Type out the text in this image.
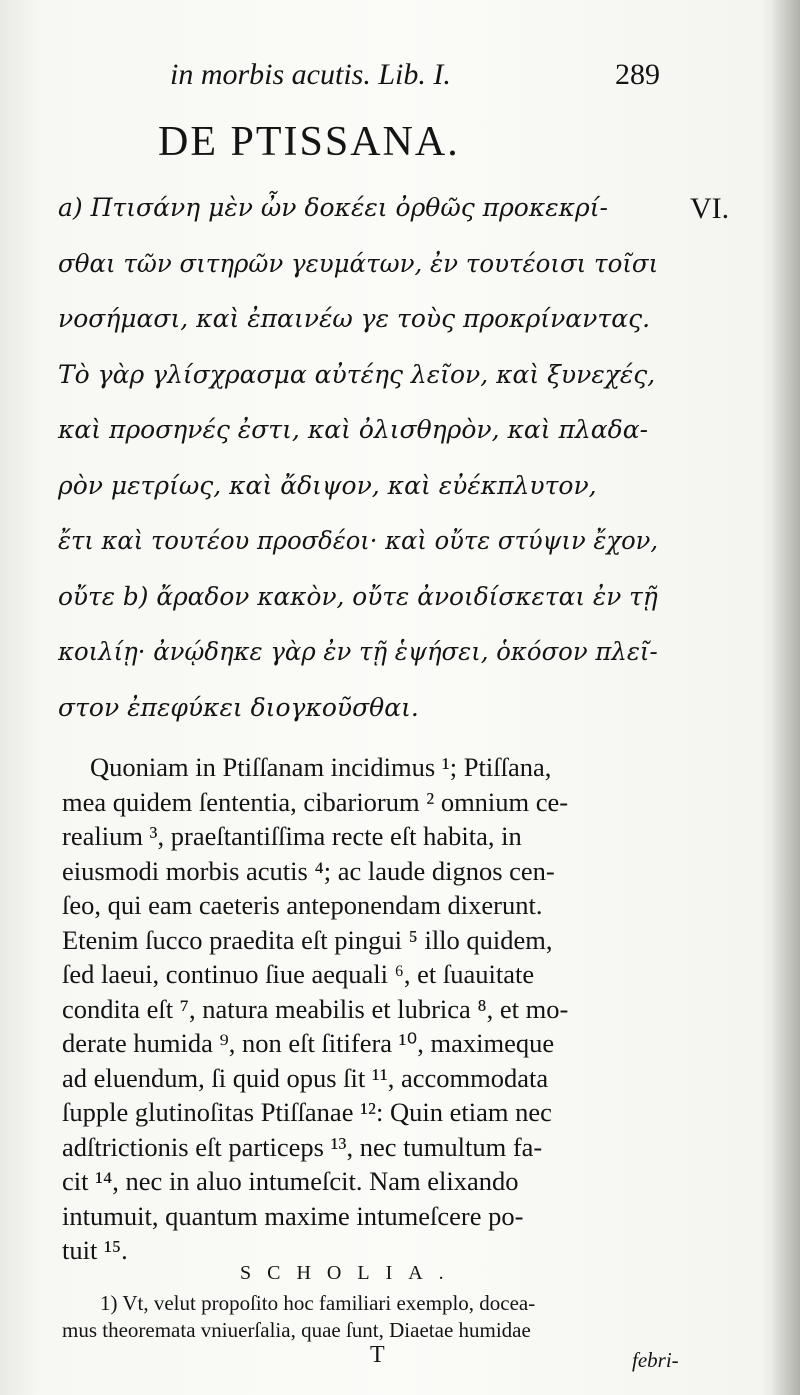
in morbis acutis. Lib. I.	289
DE PTISSANA.
VI.
a) Πτισάνη μὲν ὦν δοκέει ὀρθῶς προκεκρί-
σθαι τῶν σιτηρῶν γευμάτων, ἐν τουτέοισι τοῖσι
νοσήμασι, καὶ ἐπαινέω γε τοὺς προκρίναντας.
Τὸ γὰρ γλίσχρασμα αὐτέης λεῖον, καὶ ξυνεχές,
καὶ προσηνές ἐστι, καὶ ὀλισθηρὸν, καὶ πλαδα-
ρὸν μετρίως, καὶ ἄδιψον, καὶ εὐέκπλυτον,
ἔτι καὶ τουτέου προσδέοι· καὶ οὔτε στύψιν ἔχον,
οὔτε b) ἄραδον κακὸν, οὔτε ἀνοιδίσκεται ἐν τῇ
κοιλίῃ· ἀνῴδηκε γὰρ ἐν τῇ ἑψήσει, ὁκόσον πλεῖ-
στον ἐπεφύκει διογκοῦσθαι.
Quoniam in Ptiſſanam incidimus ¹; Ptiſſana,
mea quidem ſententia, cibariorum ² omnium ce-
realium ³, praeſtantiſſima recte eſt habita, in
eiusmodi morbis acutis ⁴; ac laude dignos cen-
ſeo, qui eam caeteris anteponendam dixerunt.
Etenim ſucco praedita eſt pingui ⁵ illo quidem,
ſed laeui, continuo ſiue aequali ⁶, et ſuauitate
condita eſt ⁷, natura meabilis et lubrica ⁸, et mo-
derate humida ⁹, non eſt ſitifera ¹⁰, maximeque
ad eluendum, ſi quid opus ſit ¹¹, accommodata
ſupple glutinoſitas Ptiſſanae ¹²: Quin etiam nec
adſtrictionis eſt particeps ¹³, nec tumultum fa-
cit ¹⁴, nec in aluo intumeſcit. Nam elixando
intumuit, quantum maxime intumeſcere po-
tuit ¹⁵.
SCHOLIA.
1) Vt, velut propoſito hoc familiari exemplo, docea-
mus theoremata vniuerſalia, quae ſunt, Diaetae humidae
T	febri-
